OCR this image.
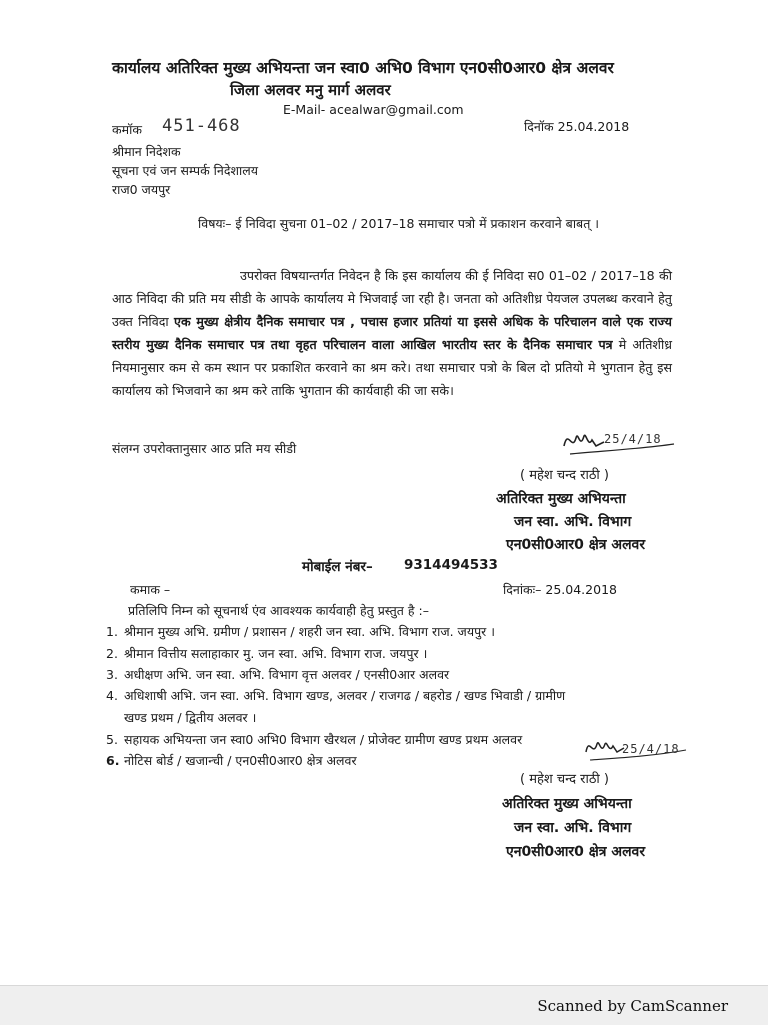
कार्यालय अतिरिक्त मुख्य अभियन्ता जन स्वा0 अभि0 विभाग एन0सी0आर0 क्षेत्र अलवर
जिला अलवर मनु मार्ग अलवर
E-Mail- acealwar@gmail.com
कमॉक 451-468	दिनॉक 25.04.2018
श्रीमान निदेशक
सूचना एवं जन सम्पर्क निदेशालय
राज0 जयपुर
विषयः– ई निविदा सुचना 01–02 / 2017–18 समाचार पत्रो में प्रकाशन करवाने बाबत् ।
उपरोक्त विषयान्तर्गत निवेदन है कि इस कार्यालय की ई निविदा स0 01–02 / 2017–18 की आठ निविदा की प्रति मय सीडी के आपके कार्यालय मे भिजवाई जा रही है। जनता को अतिशीध्र पेयजल उपलब्ध करवाने हेतु उक्त निविदा एक मुख्य क्षेत्रीय दैनिक समाचार पत्र , पचास हजार प्रतियां या इससे अधिक के परिचालन वाले एक राज्य स्तरीय मुख्य दैनिक समाचार पत्र तथा वृहत परिचालन वाला आखिल भारतीय स्तर के दैनिक समाचार पत्र मे अतिशीध्र नियमानुसार कम से कम स्थान पर प्रकाशित करवाने का श्रम करे। तथा समाचार पत्रो के बिल दो प्रतियो मे भुगतान हेतु इस कार्यालय को भिजवाने का श्रम करे ताकि भुगतान की कार्यवाही की जा सके।
संलग्न उपरोक्तानुसार आठ प्रति मय सीडी
25/4/18
( महेश चन्द राठी )
अतिरिक्त मुख्य अभियन्ता
जन स्वा. अभि. विभाग
एन0सी0आर0 क्षेत्र अलवर
मोबाईल नंबर– 9314494533
कमाक –	दिनांकः– 25.04.2018
प्रतिलिपि निम्न को सूचनार्थ एंव आवश्यक कार्यवाही हेतु प्रस्तुत है :–
1. श्रीमान मुख्य अभि. ग्रमीण / प्रशासन / शहरी जन स्वा. अभि. विभाग राज. जयपुर ।
2. श्रीमान वित्तीय सलाहाकार मु. जन स्वा. अभि. विभाग राज. जयपुर ।
3. अधीक्षण अभि. जन स्वा. अभि. विभाग वृत्त अलवर / एनसी0आर अलवर
4. अधिशाषी अभि. जन स्वा. अभि. विभाग खण्ड, अलवर / राजगढ / बहरोड / खण्ड भिवाडी / ग्रामीण
खण्ड प्रथम / द्वितीय अलवर ।
5. सहायक अभियन्ता जन स्वा0 अभि0 विभाग खैरथल / प्रोजेक्ट ग्रामीण खण्ड प्रथम अलवर
6. नोटिस बोर्ड / खजान्ची / एन0सी0आर0 क्षेत्र अलवर
25/4/18
( महेश चन्द राठी )
अतिरिक्त मुख्य अभियन्ता
जन स्वा. अभि. विभाग
एन0सी0आर0 क्षेत्र अलवर
Scanned by CamScanner
